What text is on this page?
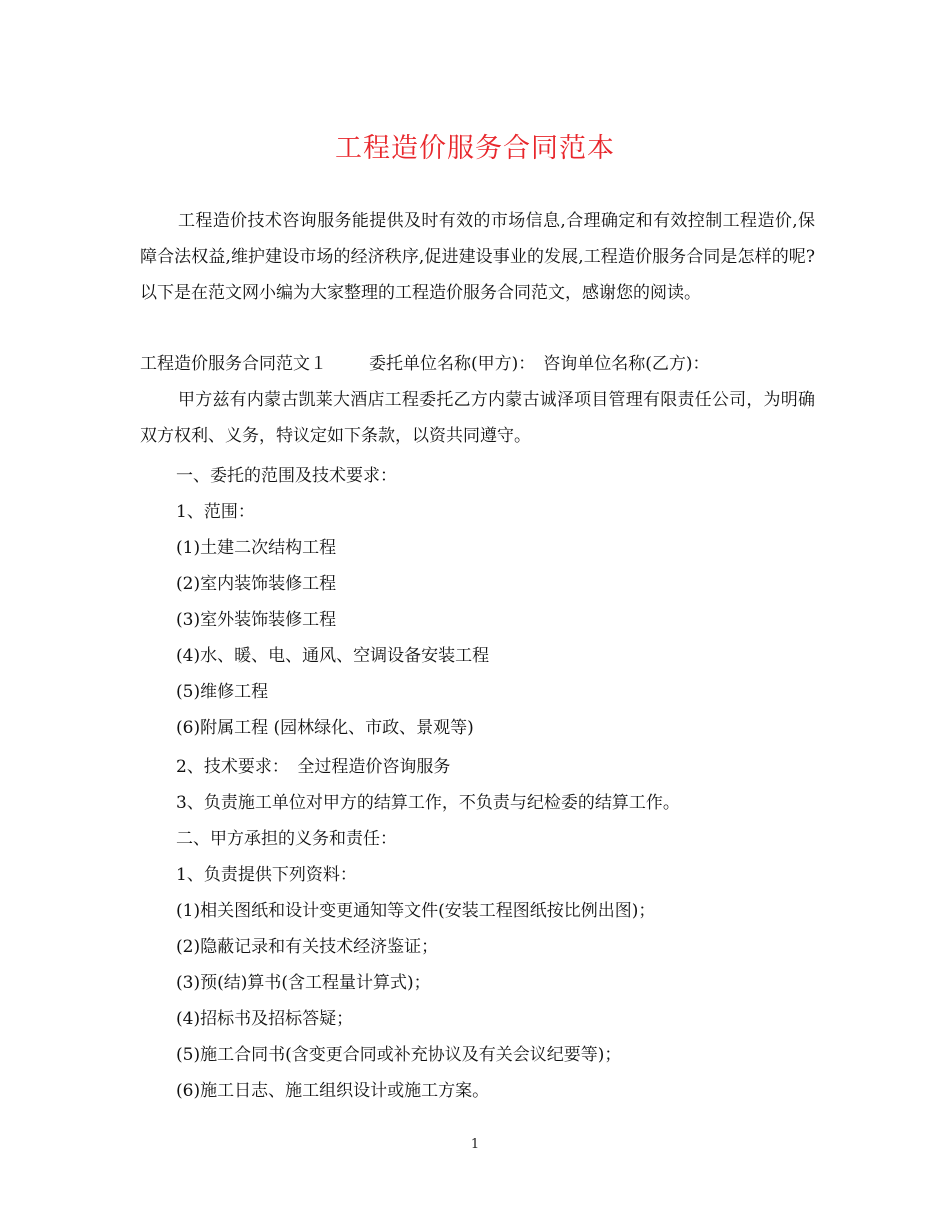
工程造价服务合同范本

工程造价技术咨询服务能提供及时有效的市场信息,合理确定和有效控制工程造价,保障合法权益,维护建设市场的经济秩序,促进建设事业的发展,工程造价服务合同是怎样的呢?以下是在范文网小编为大家整理的工程造价服务合同范文，感谢您的阅读。

工程造价服务合同范文１ 委托单位名称(甲方)： 咨询单位名称(乙方)：

甲方兹有内蒙古凯莱大酒店工程委托乙方内蒙古诚泽项目管理有限责任公司，为明确双方权利、义务，特议定如下条款，以资共同遵守。

一、委托的范围及技术要求：
1、范围：
(1)土建二次结构工程
(2)室内装饰装修工程
(3)室外装饰装修工程
(4)水、暖、电、通风、空调设备安装工程
(5)维修工程
(6)附属工程 (园林绿化、市政、景观等)
2、技术要求：　全过程造价咨询服务
3、负责施工单位对甲方的结算工作，不负责与纪检委的结算工作。
二、甲方承担的义务和责任：
1、负责提供下列资料：
(1)相关图纸和设计变更通知等文件(安装工程图纸按比例出图)；
(2)隐蔽记录和有关技术经济鉴证；
(3)预(结)算书(含工程量计算式)；
(4)招标书及招标答疑；
(5)施工合同书(含变更合同或补充协议及有关会议纪要等)；
(6)施工日志、施工组织设计或施工方案。
1
